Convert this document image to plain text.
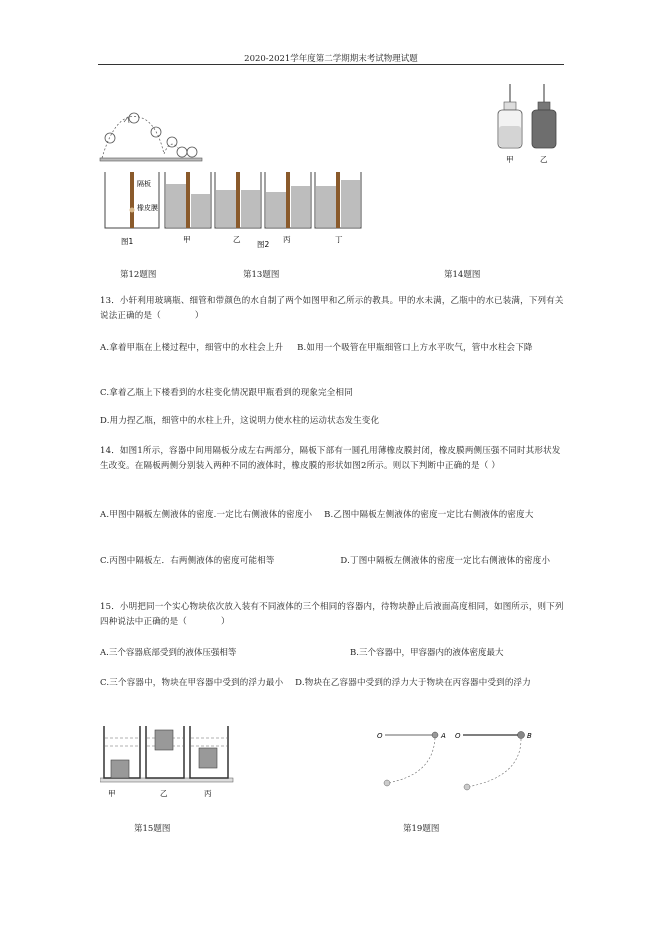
2020-2021学年度第二学期期末考试物理试题
隔板
橡皮膜
图1	甲	乙
图2
丙	丁
甲	乙
第12题图	第13题图	第14题图
13．小轩利用玻璃瓶、细管和带颜色的水自制了两个如图甲和乙所示的教具。甲的水未满，乙瓶中的水已装满，下列有关说法正确的是（	）
A.拿着甲瓶在上楼过程中，细管中的水柱会上升 B.如用一个吸管在甲瓶细管口上方水平吹气，管中水柱会下降
C.拿着乙瓶上下楼看到的水柱变化情况跟甲瓶看到的现象完全相同
D.用力捏乙瓶，细管中的水柱上升，这说明力使水柱的运动状态发生变化
14．如图1所示，容器中间用隔板分成左右两部分，隔板下部有一圆孔用薄橡皮膜封闭，橡皮膜两侧压强不同时其形状发生改变。在隔板两侧分别装入两种不同的液体时，橡皮膜的形状如图2所示。则以下判断中正确的是（ ）
A.甲图中隔板左侧液体的密度.一定比右侧液体的密度小 B.乙图中隔板左侧液体的密度一定比右侧液体的密度大
C.丙图中隔板左．右两侧液体的密度可能相等	D.丁图中隔板左侧液体的密度一定比右侧液体的密度小
15．小明把同一个实心物块依次放入装有不同液体的三个相同的容器内，待物块静止后液面高度相同，如图所示，则下列四种说法中正确的是（	）
A.三个容器底部受到的液体压强相等	B.三个容器中，甲容器内的液体密度最大
C.三个容器中，物块在甲容器中受到的浮力最小 D.物块在乙容器中受到的浮力大于物块在丙容器中受到的浮力
甲	乙	丙
O	A O	B
第15题图	第19题图
